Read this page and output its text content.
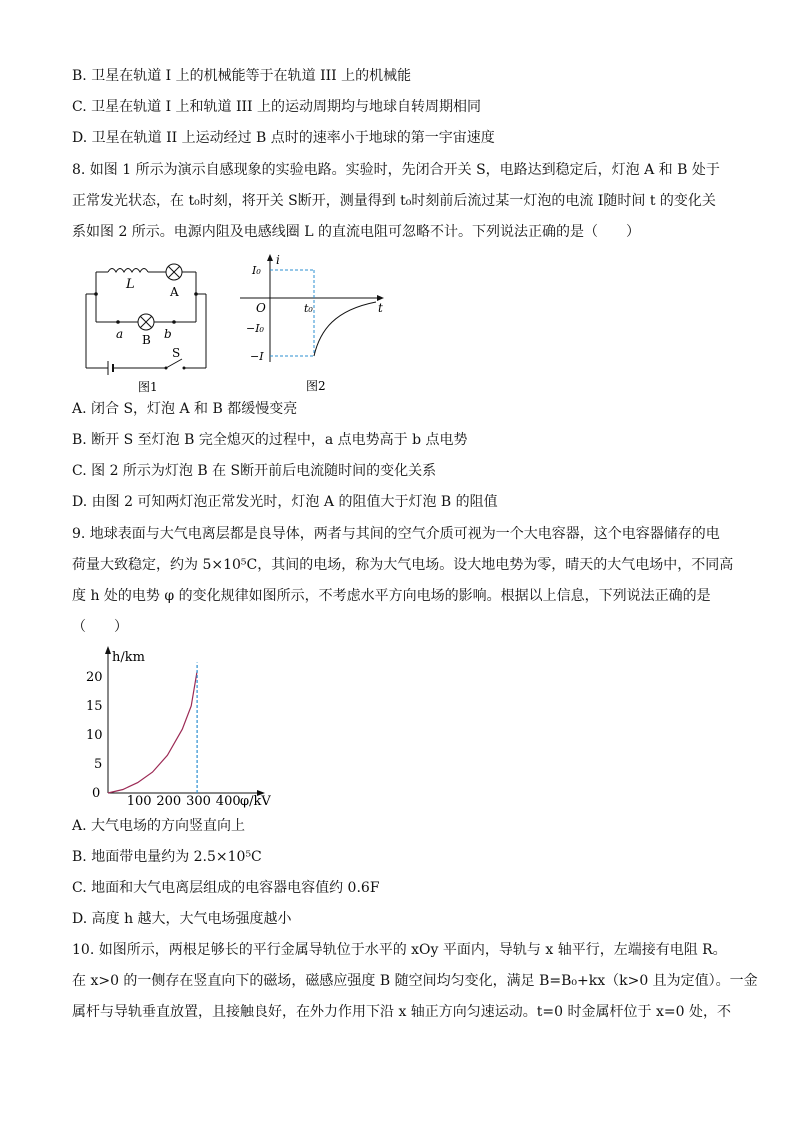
B. 卫星在轨道 I 上的机械能等于在轨道 III 上的机械能
C. 卫星在轨道 I 上和轨道 III 上的运动周期均与地球自转周期相同
D. 卫星在轨道 II 上运动经过 B 点时的速率小于地球的第一宇宙速度
8. 如图 1 所示为演示自感现象的实验电路。实验时，先闭合开关 S，电路达到稳定后，灯泡 A 和 B 处于
正常发光状态，在 t₀时刻，将开关 S断开，测量得到 t₀时刻前后流过某一灯泡的电流 I随时间 t 的变化关
系如图 2 所示。电源内阻及电感线圈 L 的直流电阻可忽略不计。下列说法正确的是（　　）
L	A
a B b
S
图1
i
t
O
I₀
t₀
−I₀
−I
图2
A. 闭合 S，灯泡 A 和 B 都缓慢变亮
B. 断开 S 至灯泡 B 完全熄灭的过程中，a 点电势高于 b 点电势
C. 图 2 所示为灯泡 B 在 S断开前后电流随时间的变化关系
D. 由图 2 可知两灯泡正常发光时，灯泡 A 的阻值大于灯泡 B 的阻值
9. 地球表面与大气电离层都是良导体，两者与其间的空气介质可视为一个大电容器，这个电容器储存的电
荷量大致稳定，约为 5×10⁵C，其间的电场，称为大气电场。设大地电势为零，晴天的大气电场中，不同高
度 h 处的电势 φ 的变化规律如图所示，不考虑水平方向电场的影响。根据以上信息，下列说法正确的是
（　　）
h/km
φ/kV
0
100 200 300 400
5
10
15
20
A. 大气电场的方向竖直向上
B. 地面带电量约为 2.5×10⁵C
C. 地面和大气电离层组成的电容器电容值约 0.6F
D. 高度 h 越大，大气电场强度越小
10. 如图所示，两根足够长的平行金属导轨位于水平的 xOy 平面内，导轨与 x 轴平行，左端接有电阻 R。
在 x>0 的一侧存在竖直向下的磁场，磁感应强度 B 随空间均匀变化，满足 B=B₀+kx（k>0 且为定值）。一金
属杆与导轨垂直放置，且接触良好，在外力作用下沿 x 轴正方向匀速运动。t=0 时金属杆位于 x=0 处，不
